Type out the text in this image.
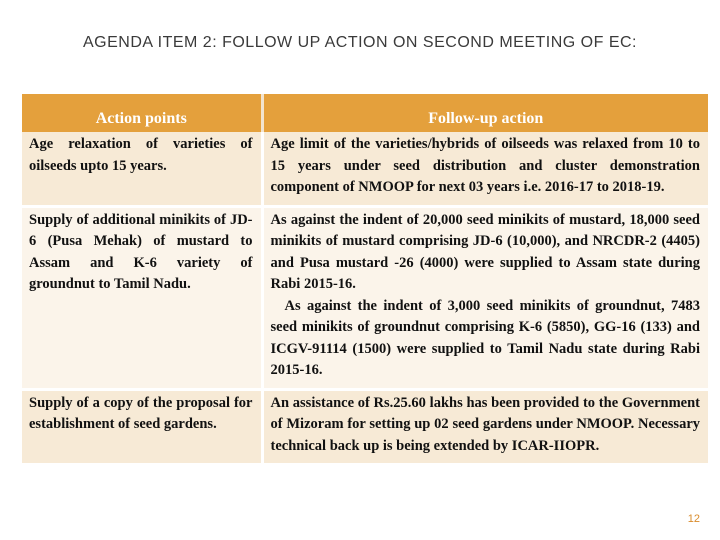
AGENDA ITEM 2: FOLLOW UP ACTION ON SECOND MEETING OF EC:
Action points	Follow-up action
Age relaxation of varieties of oilseeds upto 15 years.	Age limit of the varieties/hybrids of oilseeds was relaxed from 10 to 15 years under seed distribution and cluster demonstration component of NMOOP for next 03 years i.e. 2016-17 to 2018-19.

Supply of additional minikits of JD-6 (Pusa Mehak) of mustard to Assam and K-6 variety of groundnut to Tamil Nadu.	As against the indent of 20,000 seed minikits of mustard, 18,000 seed minikits of mustard comprising JD-6 (10,000), and NRCDR-2 (4405) and Pusa mustard -26 (4000) were supplied to Assam state during Rabi 2015-16.
As against the indent of 3,000 seed minikits of groundnut, 7483 seed minikits of groundnut comprising K-6 (5850), GG-16 (133) and ICGV-91114 (1500) were supplied to Tamil Nadu state during Rabi 2015-16.

Supply of a copy of the proposal for establishment of seed gardens.	An assistance of Rs.25.60 lakhs has been provided to the Government of Mizoram for setting up 02 seed gardens under NMOOP. Necessary technical back up is being extended by ICAR-IIOPR.
12
